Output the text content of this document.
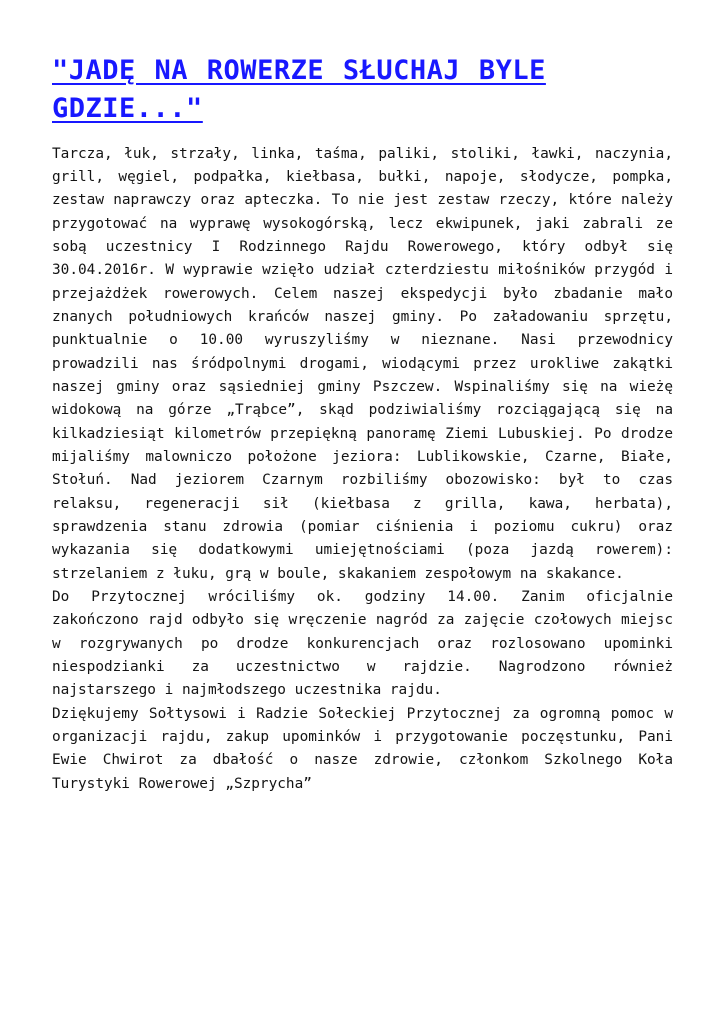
"JADĘ NA ROWERZE SŁUCHAJ BYLE GDZIE..."

Tarcza, łuk, strzały, linka, taśma, paliki, stoliki, ławki, naczynia, grill, węgiel, podpałka, kiełbasa, bułki, napoje, słodycze, pompka, zestaw naprawczy oraz apteczka. To nie jest zestaw rzeczy, które należy przygotować na wyprawę wysokogórską, lecz ekwipunek, jaki zabrali ze sobą uczestnicy I Rodzinnego Rajdu Rowerowego, który odbył się 30.04.2016r. W wyprawie wzięło udział czterdziestu miłośników przygód i przejażdżek rowerowych. Celem naszej ekspedycji było zbadanie mało znanych południowych krańców naszej gminy. Po załadowaniu sprzętu, punktualnie o 10.00 wyruszyliśmy w nieznane. Nasi przewodnicy prowadzili nas śródpolnymi drogami, wiodącymi przez urokliwe zakątki naszej gminy oraz sąsiedniej gminy Pszczew. Wspinaliśmy się na wieżę widokową na górze „Trąbce”, skąd podziwialiśmy rozciągającą się na kilkadziesiąt kilometrów przepiękną panoramę Ziemi Lubuskiej. Po drodze mijaliśmy malowniczo położone jeziora: Lublikowskie, Czarne, Białe, Stołuń. Nad jeziorem Czarnym rozbiliśmy obozowisko: był to czas relaksu, regeneracji sił (kiełbasa z grilla, kawa, herbata), sprawdzenia stanu zdrowia (pomiar ciśnienia i poziomu cukru) oraz wykazania się dodatkowymi umiejętnościami (poza jazdą rowerem): strzelaniem z łuku, grą w boule, skakaniem zespołowym na skakance.

Do Przytocznej wróciliśmy ok. godziny 14.00. Zanim oficjalnie zakończono rajd odbyło się wręczenie nagród za zajęcie czołowych miejsc w rozgrywanych po drodze konkurencjach oraz rozlosowano upominki niespodzianki za uczestnictwo w rajdzie. Nagrodzono również najstarszego i najmłodszego uczestnika rajdu.

Dziękujemy Sołtysowi i Radzie Sołeckiej Przytocznej za ogromną pomoc w organizacji rajdu, zakup upominków i przygotowanie poczęstunku, Pani Ewie Chwirot za dbałość o nasze zdrowie, członkom Szkolnego Koła Turystyki Rowerowej „Szprycha”
